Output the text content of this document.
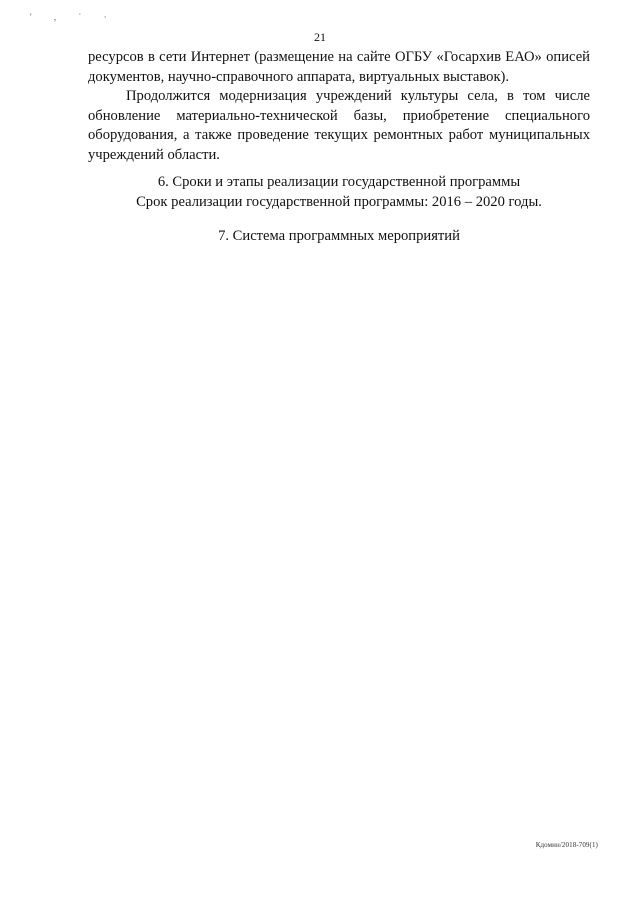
' , ˙ ·
21

ресурсов в сети Интернет (размещение на сайте ОГБУ «Госархив ЕАО» описей документов, научно-справочного аппарата, виртуальных выставок).

Продолжится модернизация учреждений культуры села, в том числе обновление материально-технической базы, приобретение специального оборудования, а также проведение текущих ремонтных работ муниципальных учреждений области.

6. Сроки и этапы реализации государственной программы
Срок реализации государственной программы: 2016 – 2020 годы.
7. Система программных мероприятий
Кдомин/2018-709(1)
